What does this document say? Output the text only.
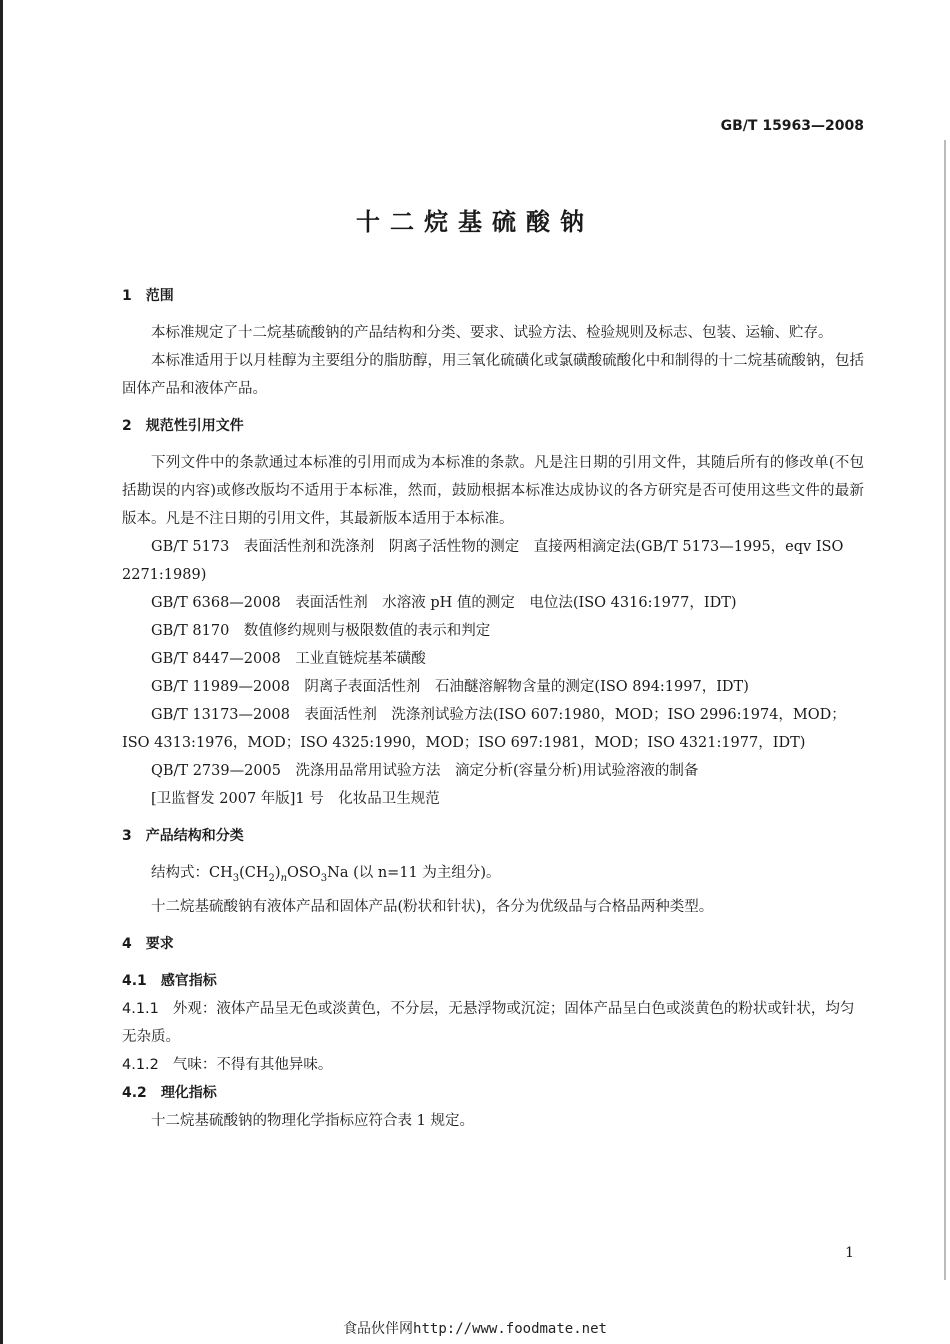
GB/T 15963—2008
十二烷基硫酸钠

1 范围

本标准规定了十二烷基硫酸钠的产品结构和分类、要求、试验方法、检验规则及标志、包装、运输、贮存。

本标准适用于以月桂醇为主要组分的脂肪醇，用三氧化硫磺化或氯磺酸硫酸化中和制得的十二烷基硫酸钠，包括固体产品和液体产品。

2 规范性引用文件

下列文件中的条款通过本标准的引用而成为本标准的条款。凡是注日期的引用文件，其随后所有的修改单(不包括勘误的内容)或修改版均不适用于本标准，然而，鼓励根据本标准达成协议的各方研究是否可使用这些文件的最新版本。凡是不注日期的引用文件，其最新版本适用于本标准。

GB/T 5173　表面活性剂和洗涤剂　阴离子活性物的测定　直接两相滴定法(GB/T 5173—1995，eqv ISO 2271:1989)

GB/T 6368—2008　表面活性剂　水溶液 pH 值的测定　电位法(ISO 4316:1977，IDT)

GB/T 8170　数值修约规则与极限数值的表示和判定

GB/T 8447—2008　工业直链烷基苯磺酸

GB/T 11989—2008　阴离子表面活性剂　石油醚溶解物含量的测定(ISO 894:1997，IDT)

GB/T 13173—2008　表面活性剂　洗涤剂试验方法(ISO 607:1980，MOD；ISO 2996:1974，MOD；ISO 4313:1976，MOD；ISO 4325:1990，MOD；ISO 697:1981，MOD；ISO 4321:1977，IDT)

QB/T 2739—2005　洗涤用品常用试验方法　滴定分析(容量分析)用试验溶液的制备

[卫监督发 2007 年版]1 号　化妆品卫生规范

3 产品结构和分类

结构式：$CH_3(CH_2)_nOSO_3Na$ (以 n=11 为主组分)。

十二烷基硫酸钠有液体产品和固体产品(粉状和针状)，各分为优级品与合格品两种类型。

4 要求

4.1 感官指标

4.1.1 外观：液体产品呈无色或淡黄色，不分层，无悬浮物或沉淀；固体产品呈白色或淡黄色的粉状或针状，均匀无杂质。

4.1.2 气味：不得有其他异味。

4.2 理化指标

十二烷基硫酸钠的物理化学指标应符合表 1 规定。

1
食品伙伴网http://www.foodmate.net
